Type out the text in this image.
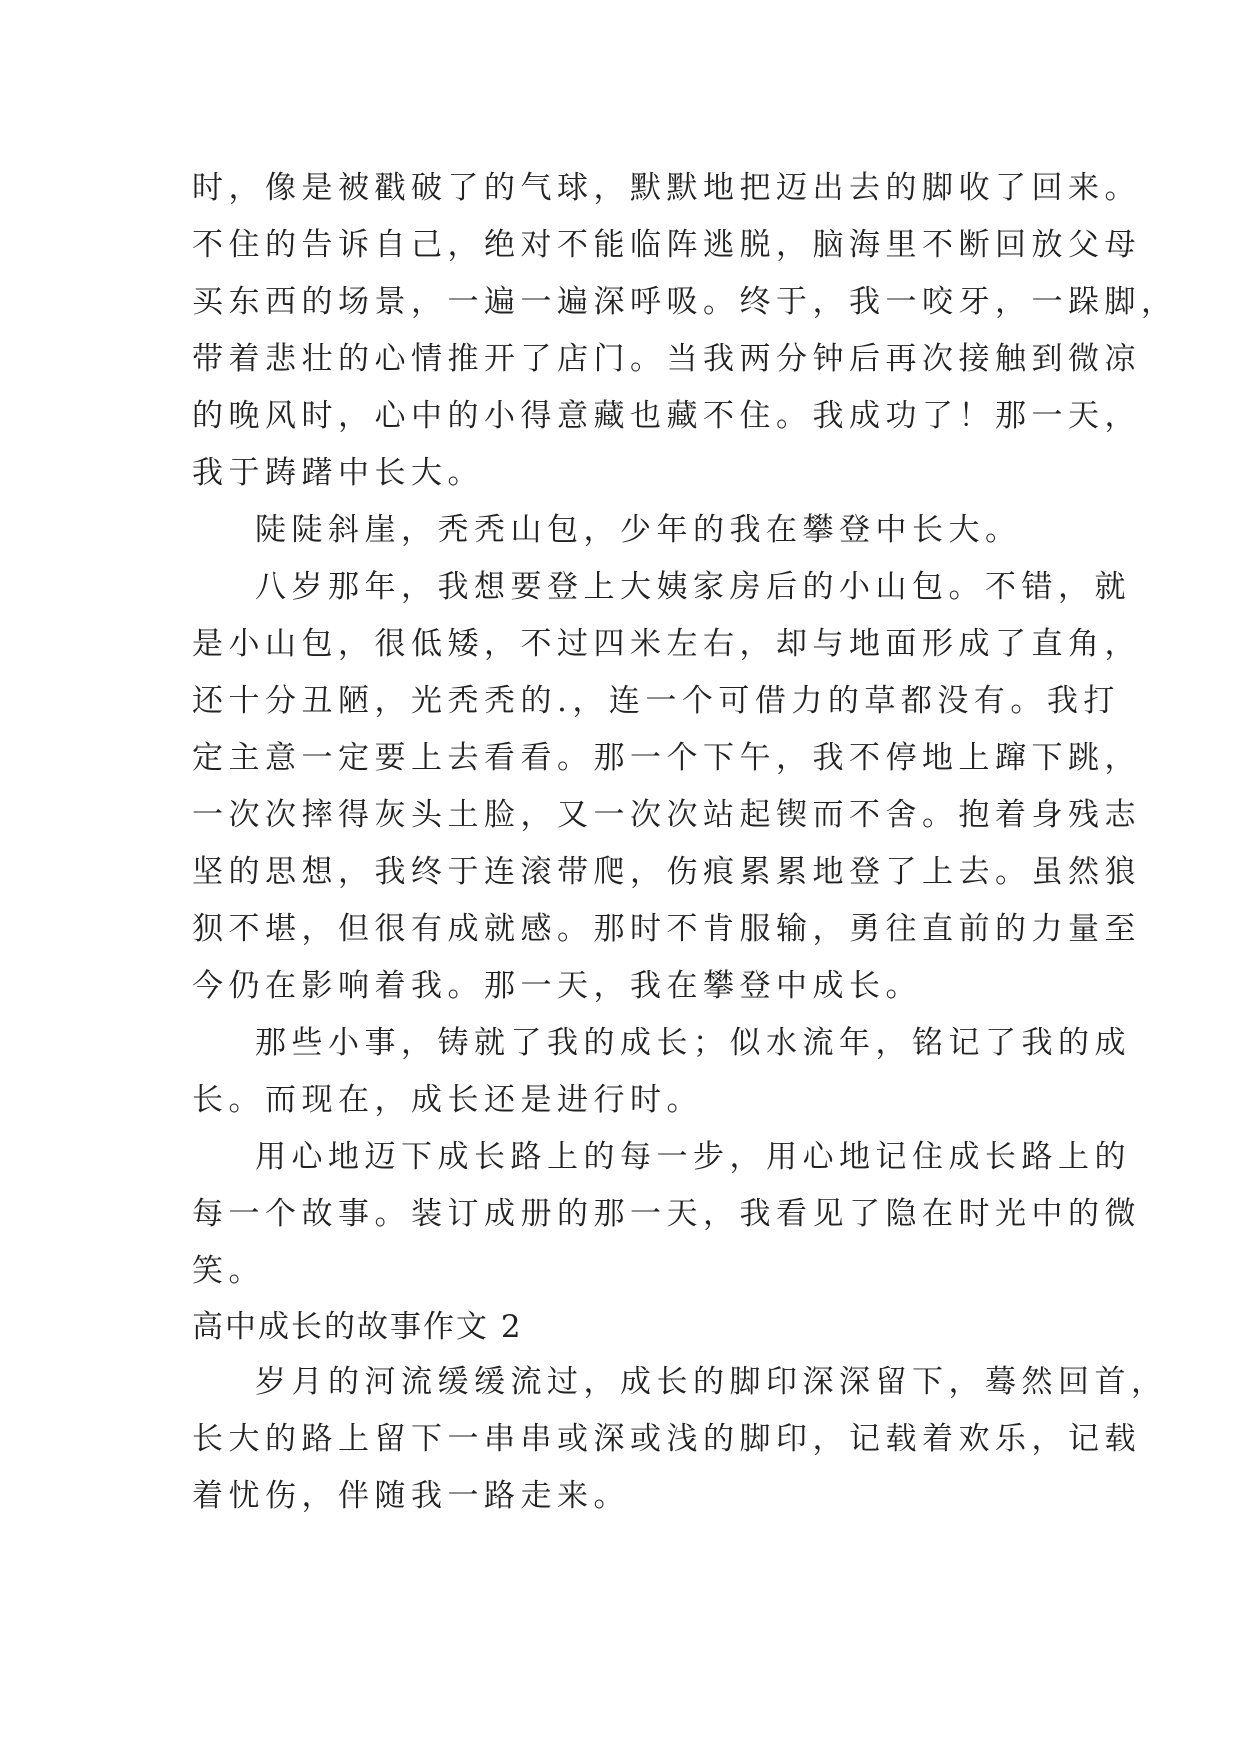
时，像是被戳破了的气球，默默地把迈出去的脚收了回来。
不住的告诉自己，绝对不能临阵逃脱，脑海里不断回放父母
买东西的场景，一遍一遍深呼吸。终于，我一咬牙，一跺脚，
带着悲壮的心情推开了店门。当我两分钟后再次接触到微凉
的晚风时，心中的小得意藏也藏不住。我成功了！那一天，
我于踌躇中长大。
陡陡斜崖，秃秃山包，少年的我在攀登中长大。
八岁那年，我想要登上大姨家房后的小山包。不错，就
是小山包，很低矮，不过四米左右，却与地面形成了直角，
还十分丑陋，光秃秃的.，连一个可借力的草都没有。我打
定主意一定要上去看看。那一个下午，我不停地上蹿下跳，
一次次摔得灰头土脸，又一次次站起锲而不舍。抱着身残志
坚的思想，我终于连滚带爬，伤痕累累地登了上去。虽然狼
狈不堪，但很有成就感。那时不肯服输，勇往直前的力量至
今仍在影响着我。那一天，我在攀登中成长。
那些小事，铸就了我的成长；似水流年，铭记了我的成
长。而现在，成长还是进行时。
用心地迈下成长路上的每一步，用心地记住成长路上的
每一个故事。装订成册的那一天，我看见了隐在时光中的微
笑。
高中成长的故事作文 2
岁月的河流缓缓流过，成长的脚印深深留下，蓦然回首，
长大的路上留下一串串或深或浅的脚印，记载着欢乐，记载
着忧伤，伴随我一路走来。
